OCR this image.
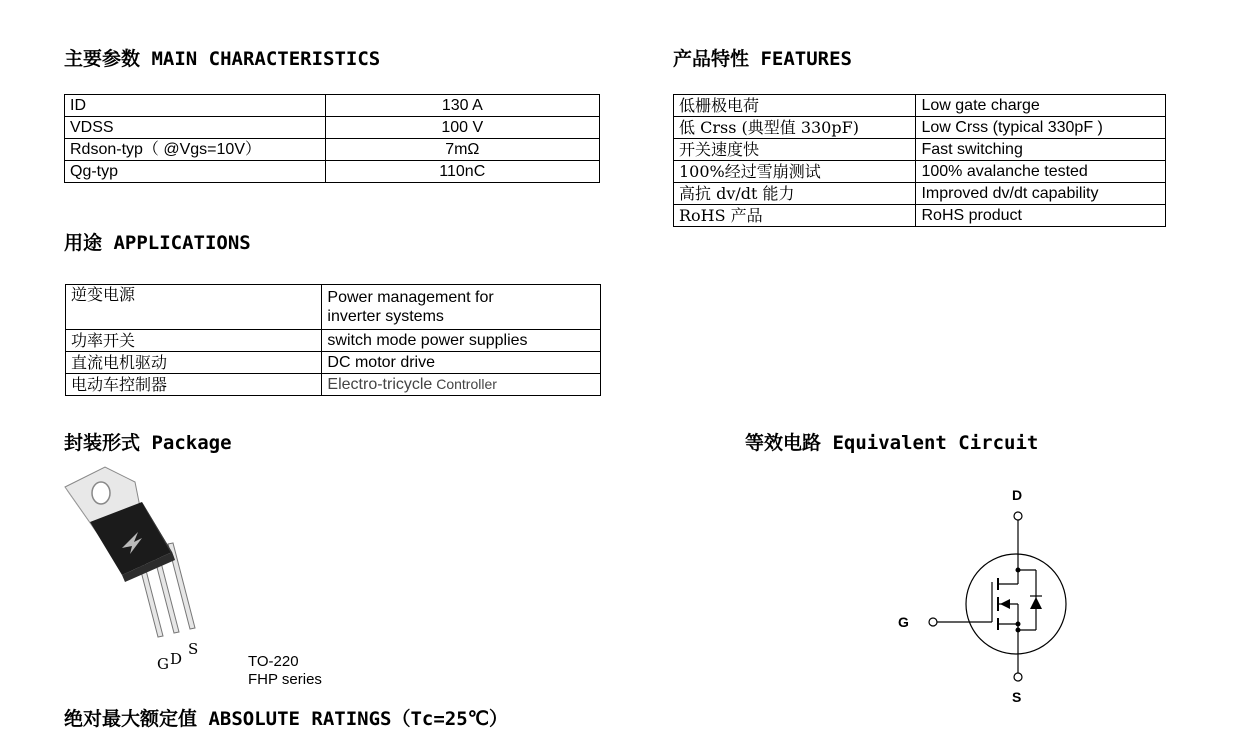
主要参数 MAIN CHARACTERISTICS
ID	130 A
VDSS	100 V
Rdson-typ（ @Vgs=10V）	7mΩ
Qg-typ	110nC
产品特性 FEATURES
低栅极电荷	Low gate charge
低 Crss (典型值 330pF)	Low Crss (typical 330pF )
开关速度快	Fast switching
100%经过雪崩测试	100% avalanche tested
高抗 dv/dt 能力	Improved dv/dt capability
RoHS 产品	RoHS product
用途 APPLICATIONS
逆变电源	Power management for
inverter systems

功率开关	switch mode power supplies
直流电机驱动	DC motor drive
电动车控制器	Electro-tricycle Controller
封装形式 Package
G D
S
TO-220
FHP series
等效电路 Equivalent Circuit
D
G
S
绝对最大额定值 ABSOLUTE RATINGS（Tc=25℃）
